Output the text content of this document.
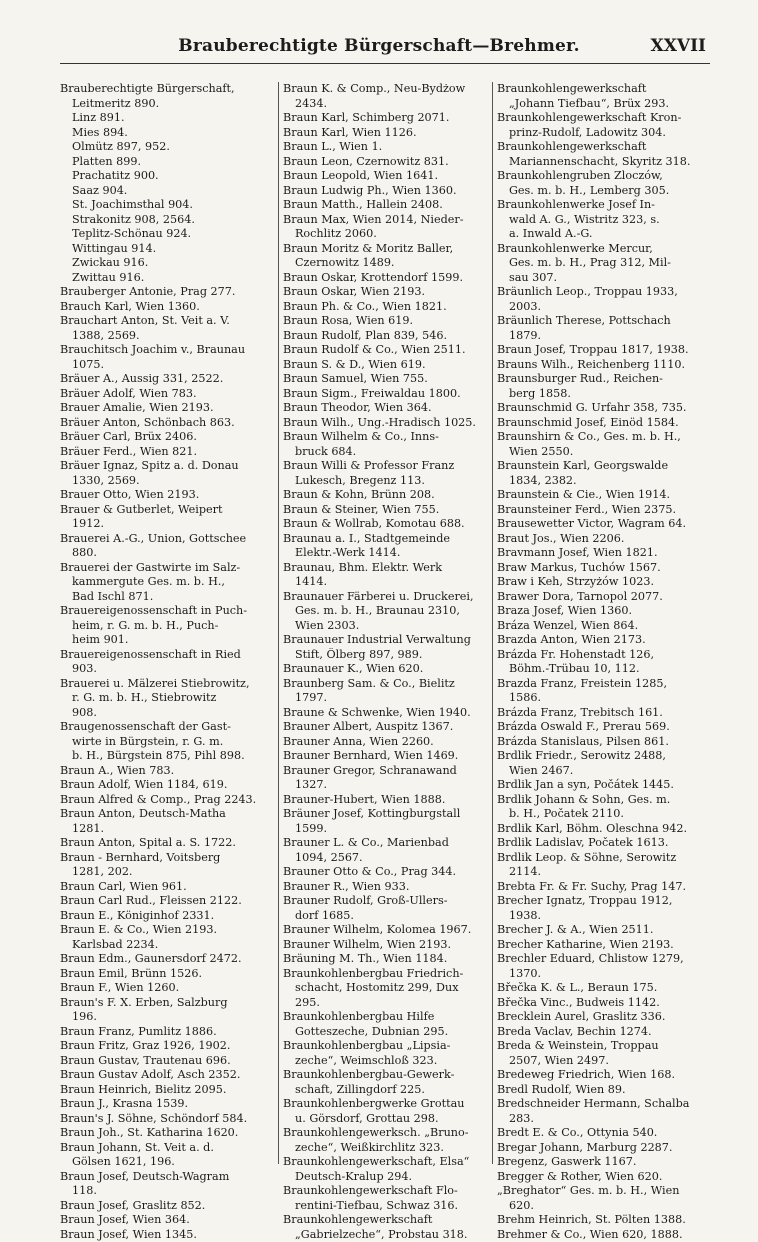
Brauberechtigte Bürgerschaft—Brehmer.	XXVII
Brauberechtigte Bürgerschaft,
Leitmeritz 890.
Linz 891.
Mies 894.
Olmütz 897, 952.
Platten 899.
Prachatitz 900.
Saaz 904.
St. Joachimsthal 904.
Strakonitz 908, 2564.
Teplitz-Schönau 924.
Wittingau 914.
Zwickau 916.
Zwittau 916.
Brauberger Antonie, Prag 277.
Brauch Karl, Wien 1360.
Brauchart Anton, St. Veit a. V.
1388, 2569.
Brauchitsch Joachim v., Braunau
1075.
Bräuer A., Aussig 331, 2522.
Bräuer Adolf, Wien 783.
Brauer Amalie, Wien 2193.
Bräuer Anton, Schönbach 863.
Bräuer Carl, Brüx 2406.
Bräuer Ferd., Wien 821.
Bräuer Ignaz, Spitz a. d. Donau
1330, 2569.
Brauer Otto, Wien 2193.
Brauer & Gutberlet, Weipert
1912.
Brauerei A.-G., Union, Gottschee
880.
Brauerei der Gastwirte im Salz-
kammergute Ges. m. b. H.,
Bad Ischl 871.
Brauereigenossenschaft in Puch-
heim, r. G. m. b. H., Puch-
heim 901.
Brauereigenossenschaft in Ried
903.
Brauerei u. Mälzerei Stiebrowitz,
r. G. m. b. H., Stiebrowitz
908.
Braugenossenschaft der Gast-
wirte in Bürgstein, r. G. m.
b. H., Bürgstein 875, Pihl 898.
Braun A., Wien 783.
Braun Adolf, Wien 1184, 619.
Braun Alfred & Comp., Prag 2243.
Braun Anton, Deutsch-Matha
1281.
Braun Anton, Spital a. S. 1722.
Braun - Bernhard, Voitsberg
1281, 202.
Braun Carl, Wien 961.
Braun Carl Rud., Fleissen 2122.
Braun E., Königinhof 2331.
Braun E. & Co., Wien 2193.
Karlsbad 2234.
Braun Edm., Gaunersdorf 2472.
Braun Emil, Brünn 1526.
Braun F., Wien 1260.
Braun's F. X. Erben, Salzburg
196.
Braun Franz, Pumlitz 1886.
Braun Fritz, Graz 1926, 1902.
Braun Gustav, Trautenau 696.
Braun Gustav Adolf, Asch 2352.
Braun Heinrich, Bielitz 2095.
Braun J., Krasna 1539.
Braun's J. Söhne, Schöndorf 584.
Braun Joh., St. Katharina 1620.
Braun Johann, St. Veit a. d.
Gölsen 1621, 196.
Braun Josef, Deutsch-Wagram
118.
Braun Josef, Graslitz 852.
Braun Josef, Wien 364.
Braun Josef, Wien 1345.
Braun K. & Comp., Neu-Bydżow
2434.
Braun Karl, Schimberg 2071.
Braun Karl, Wien 1126.
Braun L., Wien 1.
Braun Leon, Czernowitz 831.
Braun Leopold, Wien 1641.
Braun Ludwig Ph., Wien 1360.
Braun Matth., Hallein 2408.
Braun Max, Wien 2014, Nieder-
Rochlitz 2060.
Braun Moritz & Moritz Baller,
Czernowitz 1489.
Braun Oskar, Krottendorf 1599.
Braun Oskar, Wien 2193.
Braun Ph. & Co., Wien 1821.
Braun Rosa, Wien 619.
Braun Rudolf, Plan 839, 546.
Braun Rudolf & Co., Wien 2511.
Braun S. & D., Wien 619.
Braun Samuel, Wien 755.
Braun Sigm., Freiwaldau 1800.
Braun Theodor, Wien 364.
Braun Wilh., Ung.-Hradisch 1025.
Braun Wilhelm & Co., Inns-
bruck 684.
Braun Willi & Professor Franz
Lukesch, Bregenz 113.
Braun & Kohn, Brünn 208.
Braun & Steiner, Wien 755.
Braun & Wollrab, Komotau 688.
Braunau a. I., Stadtgemeinde
Elektr.-Werk 1414.
Braunau, Bhm. Elektr. Werk
1414.
Braunauer Färberei u. Druckerei,
Ges. m. b. H., Braunau 2310,
Wien 2303.
Braunauer Industrial Verwaltung
Stift, Ölberg 897, 989.
Braunauer K., Wien 620.
Braunberg Sam. & Co., Bielitz
1797.
Braune & Schwenke, Wien 1940.
Brauner Albert, Auspitz 1367.
Brauner Anna, Wien 2260.
Brauner Bernhard, Wien 1469.
Brauner Gregor, Schranawand
1327.
Brauner-Hubert, Wien 1888.
Bräuner Josef, Kottingburgstall
1599.
Brauner L. & Co., Marienbad
1094, 2567.
Brauner Otto & Co., Prag 344.
Brauner R., Wien 933.
Brauner Rudolf, Groß-Ullers-
dorf 1685.
Brauner Wilhelm, Kolomea 1967.
Brauner Wilhelm, Wien 2193.
Bräuning M. Th., Wien 1184.
Braunkohlenbergbau Friedrich-
schacht, Hostomitz 299, Dux
295.
Braunkohlenbergbau Hilfe
Gotteszeche, Dubnian 295.
Braunkohlenbergbau „Lipsia-
zeche“, Weimschloß 323.
Braunkohlenbergbau-Gewerk-
schaft, Zillingdorf 225.
Braunkohlenbergwerke Grottau
u. Görsdorf, Grottau 298.
Braunkohlengewerksch. „Bruno-
zeche“, Weißkirchlitz 323.
Braunkohlengewerkschaft, Elsa“
Deutsch-Kralup 294.
Braunkohlengewerkschaft Flo-
rentini-Tiefbau, Schwaz 316.
Braunkohlengewerkschaft
„Gabrielzeche“, Probstau 318.
Braunkohlengewerkschaft
„Johann Tiefbau“, Brüx 293.
Braunkohlengewerkschaft Kron-
prinz-Rudolf, Ladowitz 304.
Braunkohlengewerkschaft
Mariannenschacht, Skyritz 318.
Braunkohlengruben Zloczów,
Ges. m. b. H., Lemberg 305.
Braunkohlenwerke Josef In-
wald A. G., Wistritz 323, s.
a. Inwald A.-G.
Braunkohlenwerke Mercur,
Ges. m. b. H., Prag 312, Mil-
sau 307.
Bräunlich Leop., Troppau 1933,
2003.
Bräunlich Therese, Pottschach
1879.
Braun Josef, Troppau 1817, 1938.
Brauns Wilh., Reichenberg 1110.
Braunsburger Rud., Reichen-
berg 1858.
Braunschmid G. Urfahr 358, 735.
Braunschmid Josef, Einöd 1584.
Braunshirn & Co., Ges. m. b. H.,
Wien 2550.
Braunstein Karl, Georgswalde
1834, 2382.
Braunstein & Cie., Wien 1914.
Braunsteiner Ferd., Wien 2375.
Brausewetter Victor, Wagram 64.
Braut Jos., Wien 2206.
Bravmann Josef, Wien 1821.
Braw Markus, Tuchów 1567.
Braw i Keh, Strzyżów 1023.
Brawer Dora, Tarnopol 2077.
Braza Josef, Wien 1360.
Bráza Wenzel, Wien 864.
Brazda Anton, Wien 2173.
Brázda Fr. Hohenstadt 126,
Böhm.-Trübau 10, 112.
Brazda Franz, Freistein 1285,
1586.
Brázda Franz, Trebitsch 161.
Brázda Oswald F., Prerau 569.
Brázda Stanislaus, Pilsen 861.
Brdlik Friedr., Serowitz 2488,
Wien 2467.
Brdlik Jan a syn, Počátek 1445.
Brdlik Johann & Sohn, Ges. m.
b. H., Počatek 2110.
Brdlik Karl, Böhm. Oleschna 942.
Brdlik Ladislav, Počatek 1613.
Brdlik Leop. & Söhne, Serowitz
2114.
Brebta Fr. & Fr. Suchy, Prag 147.
Brecher Ignatz, Troppau 1912,
1938.
Brecher J. & A., Wien 2511.
Brecher Katharine, Wien 2193.
Brechler Eduard, Chlistow 1279,
1370.
Břečka K. & L., Beraun 175.
Břečka Vinc., Budweis 1142.
Brecklein Aurel, Graslitz 336.
Breda Vaclav, Bechin 1274.
Breda & Weinstein, Troppau
2507, Wien 2497.
Bredeweg Friedrich, Wien 168.
Bredl Rudolf, Wien 89.
Bredschneider Hermann, Schalba
283.
Bredt E. & Co., Ottynia 540.
Bregar Johann, Marburg 2287.
Bregenz, Gaswerk 1167.
Bregger & Rother, Wien 620.
„Breghator“ Ges. m. b. H., Wien
620.
Brehm Heinrich, St. Pölten 1388.
Brehmer & Co., Wien 620, 1888.
